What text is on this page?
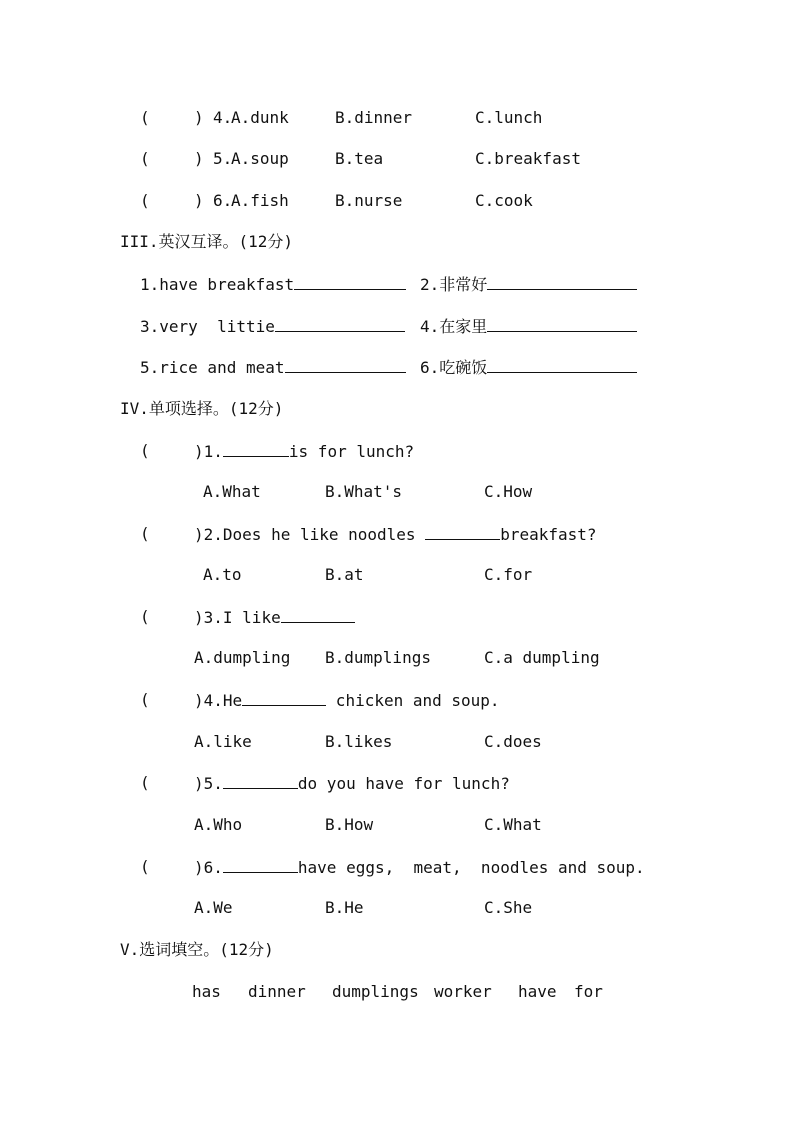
(	) 4.
A.dunk	B.dinner	C.lunch
(	) 5.
A.soup	B.tea	C.breakfast
(	) 6.
A.fish	B.nurse	C.cook
III.英汉互译。(12分)
1.have breakfast	2.非常好
3.very  littie	4.在家里
5.rice and meat	6.吃碗饭
IV.单项选择。(12分)
(	)1.	is for lunch?
A.What	B.What's	C.How
(	)2.Does he like noodles	breakfast?
A.to	B.at	C.for
(	)3.I like
A.dumpling B.dumplings	C.a dumpling
(	)4.He	chicken and soup.
A.like	B.likes	C.does
(	)5.	do you have for lunch?
A.Who	B.How	C.What
(	)6.	have eggs,  meat,  noodles and soup.
A.We	B.He	C.She
V.选词填空。(12分)
has dinner dumplings worker have for
